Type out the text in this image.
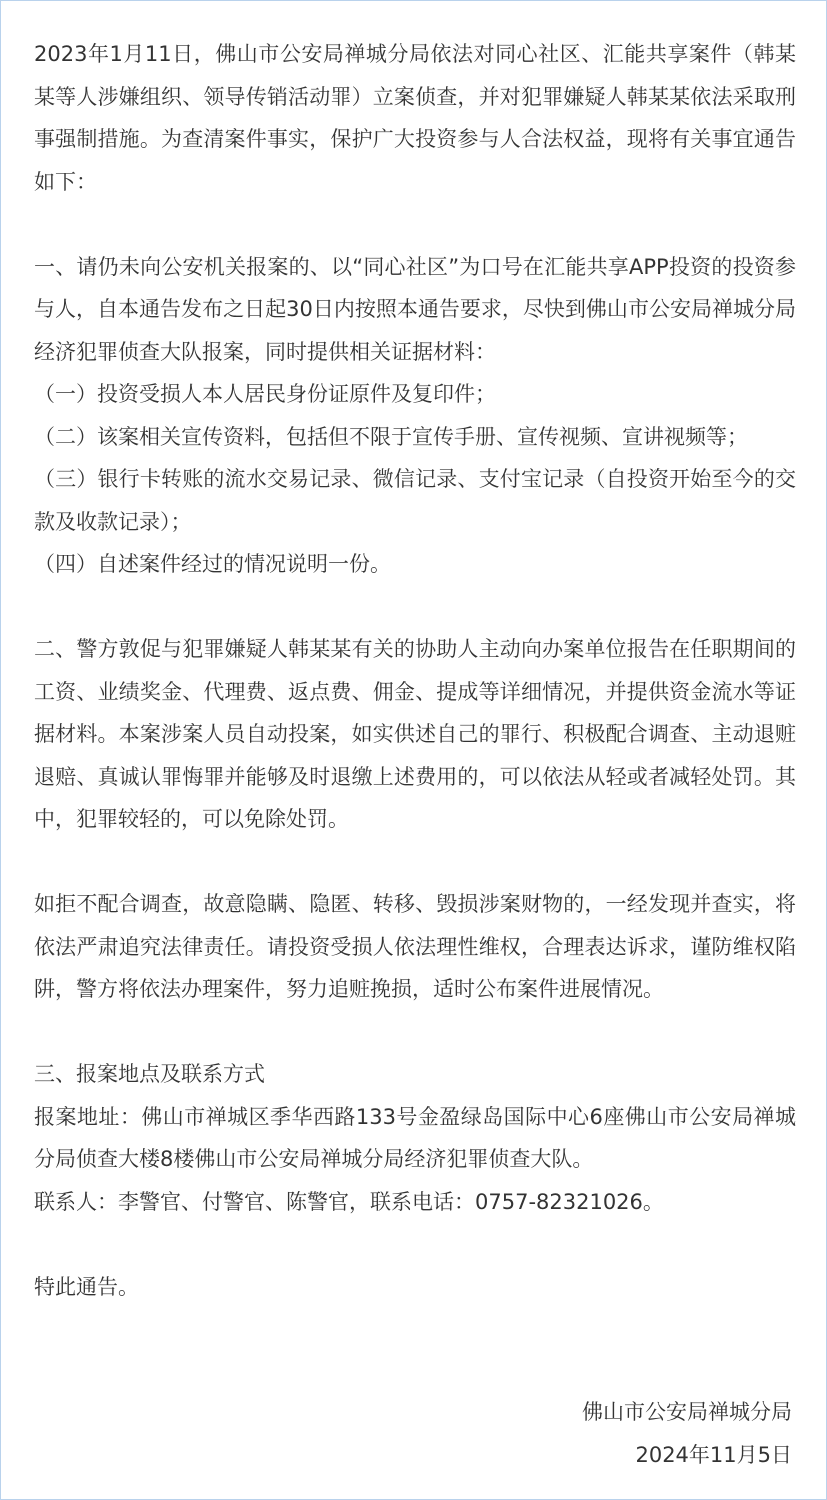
2023年1月11日，佛山市公安局禅城分局依法对同心社区、汇能共享案件（韩某某等人涉嫌组织、领导传销活动罪）立案侦查，并对犯罪嫌疑人韩某某依法采取刑事强制措施。为查清案件事实，保护广大投资参与人合法权益，现将有关事宜通告如下：

一、请仍未向公安机关报案的、以“同心社区”为口号在汇能共享APP投资的投资参与人，自本通告发布之日起30日内按照本通告要求，尽快到佛山市公安局禅城分局经济犯罪侦查大队报案，同时提供相关证据材料：

（一）投资受损人本人居民身份证原件及复印件；

（二）该案相关宣传资料，包括但不限于宣传手册、宣传视频、宣讲视频等；

（三）银行卡转账的流水交易记录、微信记录、支付宝记录（自投资开始至今的交款及收款记录）；

（四）自述案件经过的情况说明一份。

二、警方敦促与犯罪嫌疑人韩某某有关的协助人主动向办案单位报告在任职期间的工资、业绩奖金、代理费、返点费、佣金、提成等详细情况，并提供资金流水等证据材料。本案涉案人员自动投案，如实供述自己的罪行、积极配合调查、主动退赃退赔、真诚认罪悔罪并能够及时退缴上述费用的，可以依法从轻或者减轻处罚。其中，犯罪较轻的，可以免除处罚。

如拒不配合调查，故意隐瞒、隐匿、转移、毁损涉案财物的，一经发现并查实，将依法严肃追究法律责任。请投资受损人依法理性维权，合理表达诉求，谨防维权陷阱，警方将依法办理案件，努力追赃挽损，适时公布案件进展情况。

三、报案地点及联系方式

报案地址：佛山市禅城区季华西路133号金盈绿岛国际中心6座佛山市公安局禅城分局侦查大楼8楼佛山市公安局禅城分局经济犯罪侦查大队。

联系人：李警官、付警官、陈警官，联系电话：0757-82321026。

特此通告。

佛山市公安局禅城分局
2024年11月5日
